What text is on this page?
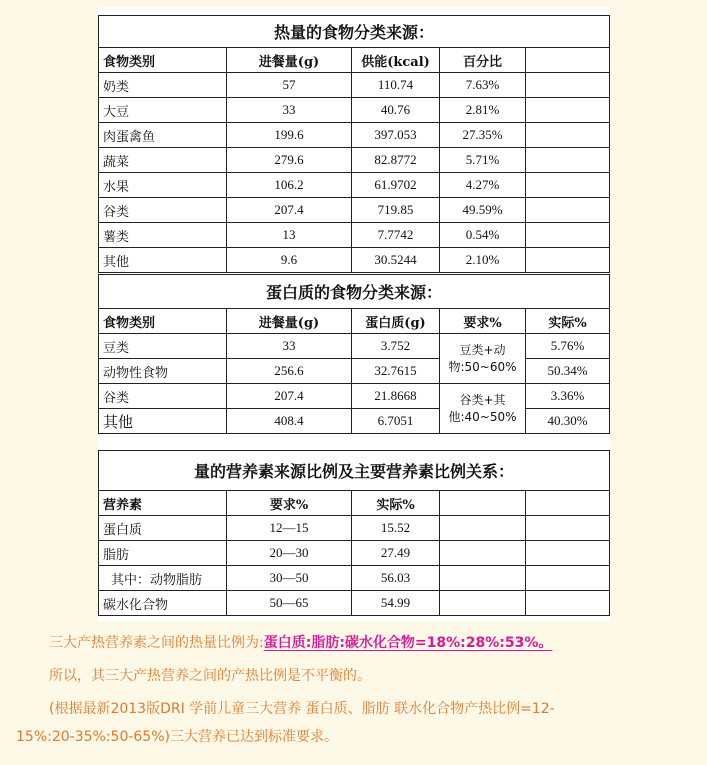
热量的食物分类来源：				
食物类别	进餐量(g)	供能(kcal)	百分比	
奶类	57	110.74	7.63%	
大豆	33	40.76	2.81%	
肉蛋禽鱼	199.6	397.053	27.35%	
蔬菜	279.6	82.8772	5.71%	
水果	106.2	61.9702	4.27%	
谷类	207.4	719.85	49.59%	
薯类	13	7.7742	0.54%	
其他	9.6	30.5244	2.10%	
蛋白质的食物分类来源：				
食物类别	进餐量(g)	蛋白质(g)	要求%	实际%
豆类	33	3.752	豆类+动物:50~60%	5.76%
动物性食物	256.6	32.7615		50.34%
谷类	207.4	21.8668	谷类+其他:40~50%	3.36%
其他	408.4	6.7051		40.30%
量的营养素来源比例及主要营养素比例关系：				
营养素	要求%	实际%		
蛋白质	12—15	15.52		
脂肪	20—30	27.49		
其中：动物脂肪	30—50	56.03		
碳水化合物	50—65	54.99		
三大产热营养素之间的热量比例为:蛋白质:脂肪:碳水化合物=18%:28%:53%。
所以，其三大产热营养之间的产热比例是不平衡的。
(根据最新2013版DRI 学前儿童三大营养 蛋白质、脂肪 联水化合物产热比例=12-
15%:20-35%:50-65%)三大营养已达到标准要求。
